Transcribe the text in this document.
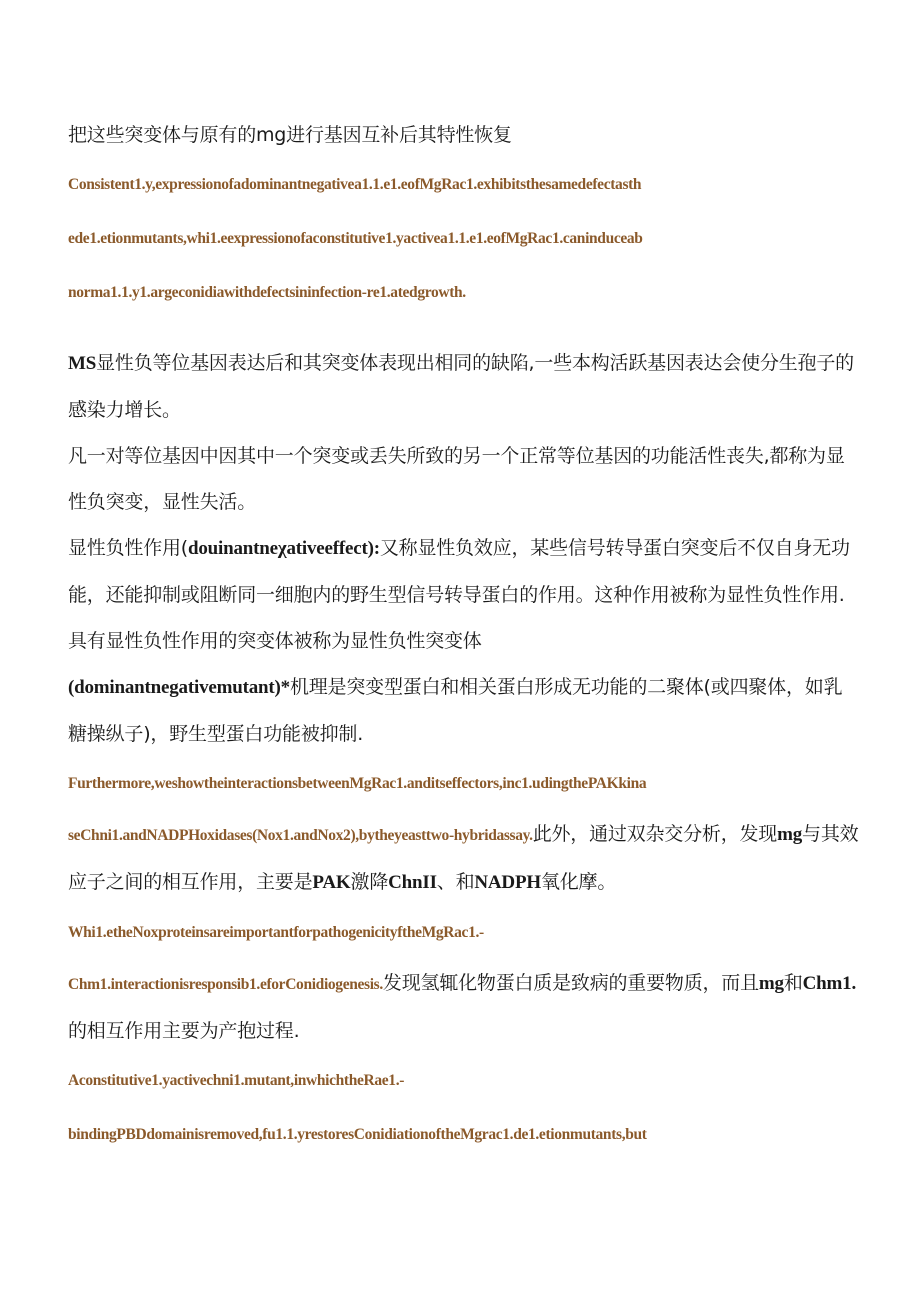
把这些突变体与原有的mg进行基因互补后其特性恢复

Consistent1.y,expressionofadominantnegativea1.1.e1.eofMgRac1.exhibitsthesamedefectasth
ede1.etionmutants,whi1.eexpressionofaconstitutive1.yactivea1.1.e1.eofMgRac1.caninduceab
norma1.1.y1.argeconidiawithdefectsininfection-re1.atedgrowth.

MS显性负等位基因表达后和其突变体表现出相同的缺陷,一些本构活跃基因表达会使分生孢子的感染力增长。

凡一对等位基因中因其中一个突变或丢失所致的另一个正常等位基因的功能活性丧失,都称为显性负突变，显性失活。

显性负性作用(douinantneχativeeffect):又称显性负效应，某些信号转导蛋白突变后不仅自身无功能，还能抑制或阻断同一细胞内的野生型信号转导蛋白的作用。这种作用被称为显性负性作用.具有显性负性作用的突变体被称为显性负性突变体

(dominantnegativemutant)*机理是突变型蛋白和相关蛋白形成无功能的二聚体(或四聚体，如乳糖操纵子)，野生型蛋白功能被抑制.

Furthermore,weshowtheinteractionsbetweenMgRac1.anditseffectors,inc1.udingthePAKkina
seChni1.andNADPHoxidases(Nox1.andNox2),bytheyeasttwo-hybridassay.此外，通过双杂交分析，发现mg与其效应子之间的相互作用，主要是PAK激降ChnII、和NADPH氧化摩。
Whi1.etheNoxproteinsareimportantforpathogenicityftheMgRac1.-
Chm1.interactionisresponsib1.eforConidiogenesis.发现氢辄化物蛋白质是致病的重要物质，而且mg和Chm1.的相互作用主要为产抱过程.
Aconstitutive1.yactivechni1.mutant,inwhichtheRae1.-
bindingPBDdomainisremoved,fu1.1.yrestoresConidiationoftheMgrac1.de1.etionmutants,but
